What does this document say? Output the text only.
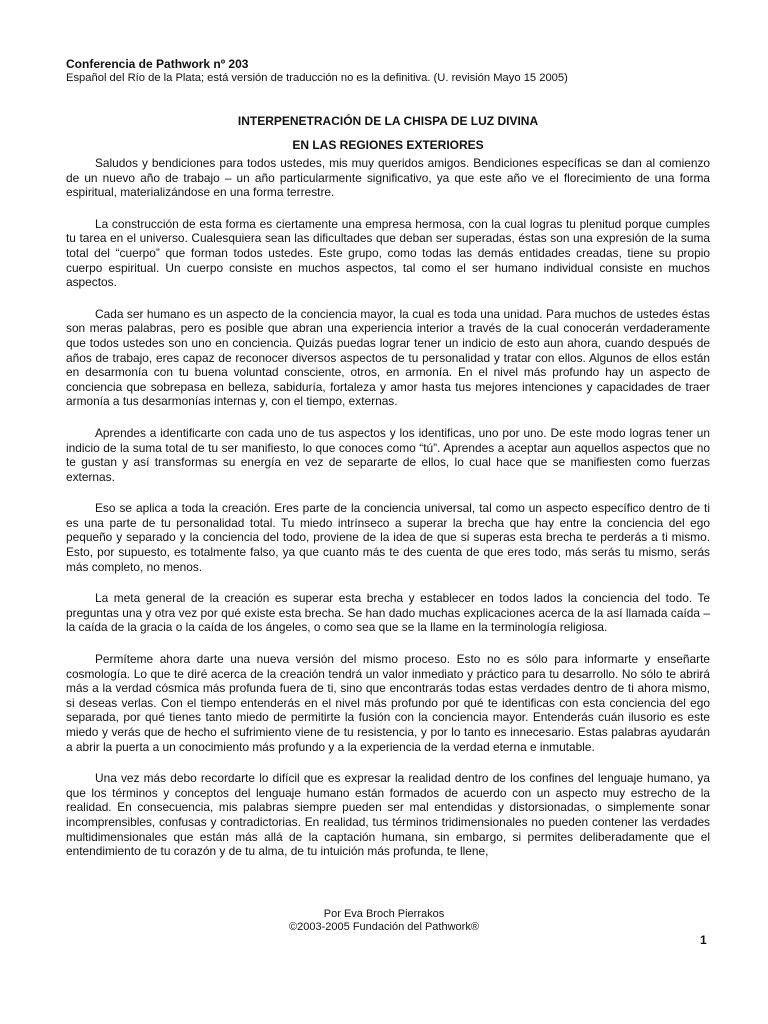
Conferencia de Pathwork nº 203

Español del Río de la Plata; está versión de traducción no es la definitiva. (U. revisión Mayo 15 2005)

INTERPENETRACIÓN DE LA CHISPA DE LUZ DIVINA

EN LAS REGIONES EXTERIORES

Saludos y bendiciones para todos ustedes, mis muy queridos amigos. Bendiciones específicas se dan al comienzo de un nuevo año de trabajo – un año particularmente significativo, ya que este año ve el florecimiento de una forma espiritual, materializándose en una forma terrestre.

La construcción de esta forma es ciertamente una empresa hermosa, con la cual logras tu plenitud porque cumples tu tarea en el universo. Cualesquiera sean las dificultades que deban ser superadas, éstas son una expresión de la suma total del “cuerpo” que forman todos ustedes. Este grupo, como todas las demás entidades creadas, tiene su propio cuerpo espiritual. Un cuerpo consiste en muchos aspectos, tal como el ser humano individual consiste en muchos aspectos.

Cada ser humano es un aspecto de la conciencia mayor, la cual es toda una unidad. Para muchos de ustedes éstas son meras palabras, pero es posible que abran una experiencia interior a través de la cual conocerán verdaderamente que todos ustedes son uno en conciencia. Quizás puedas lograr tener un indicio de esto aun ahora, cuando después de años de trabajo, eres capaz de reconocer diversos aspectos de tu personalidad y tratar con ellos. Algunos de ellos están en desarmonía con tu buena voluntad consciente, otros, en armonía. En el nivel más profundo hay un aspecto de conciencia que sobrepasa en belleza, sabiduría, fortaleza y amor hasta tus mejores intenciones y capacidades de traer armonía a tus desarmonías internas y, con el tiempo, externas.

Aprendes a identificarte con cada uno de tus aspectos y los identificas, uno por uno. De este modo logras tener un indicio de la suma total de tu ser manifiesto, lo que conoces como “tú”. Aprendes a aceptar aun aquellos aspectos que no te gustan y así transformas su energía en vez de separarte de ellos, lo cual hace que se manifiesten como fuerzas externas.

Eso se aplica a toda la creación. Eres parte de la conciencia universal, tal como un aspecto específico dentro de ti es una parte de tu personalidad total. Tu miedo intrínseco a superar la brecha que hay entre la conciencia del ego pequeño y separado y la conciencia del todo, proviene de la idea de que si superas esta brecha te perderás a ti mismo. Esto, por supuesto, es totalmente falso, ya que cuanto más te des cuenta de que eres todo, más serás tu mismo, serás más completo, no menos.

La meta general de la creación es superar esta brecha y establecer en todos lados la conciencia del todo. Te preguntas una y otra vez por qué existe esta brecha. Se han dado muchas explicaciones acerca de la así llamada caída – la caída de la gracia o la caída de los ángeles, o como sea que se la llame en la terminología religiosa.

Permíteme ahora darte una nueva versión del mismo proceso. Esto no es sólo para informarte y enseñarte cosmología. Lo que te diré acerca de la creación tendrá un valor inmediato y práctico para tu desarrollo. No sólo te abrirá más a la verdad cósmica más profunda fuera de ti, sino que encontrarás todas estas verdades dentro de ti ahora mismo, si deseas verlas. Con el tiempo entenderás en el nivel más profundo por qué te identificas con esta conciencia del ego separada, por qué tienes tanto miedo de permitirte la fusión con la conciencia mayor. Entenderás cuán ilusorio es este miedo y verás que de hecho el sufrimiento viene de tu resistencia, y por lo tanto es innecesario. Estas palabras ayudarán a abrir la puerta a un conocimiento más profundo y a la experiencia de la verdad eterna e inmutable.

Una vez más debo recordarte lo difícil que es expresar la realidad dentro de los confines del lenguaje humano, ya que los términos y conceptos del lenguaje humano están formados de acuerdo con un aspecto muy estrecho de la realidad. En consecuencia, mis palabras siempre pueden ser mal entendidas y distorsionadas, o simplemente sonar incomprensibles, confusas y contradictorias. En realidad, tus términos tridimensionales no pueden contener las verdades multidimensionales que están más allá de la captación humana, sin embargo, si permites deliberadamente que el entendimiento de tu corazón y de tu alma, de tu intuición más profunda, te llene,

Por Eva Broch Pierrakos
©2003-2005 Fundación del Pathwork®
1
